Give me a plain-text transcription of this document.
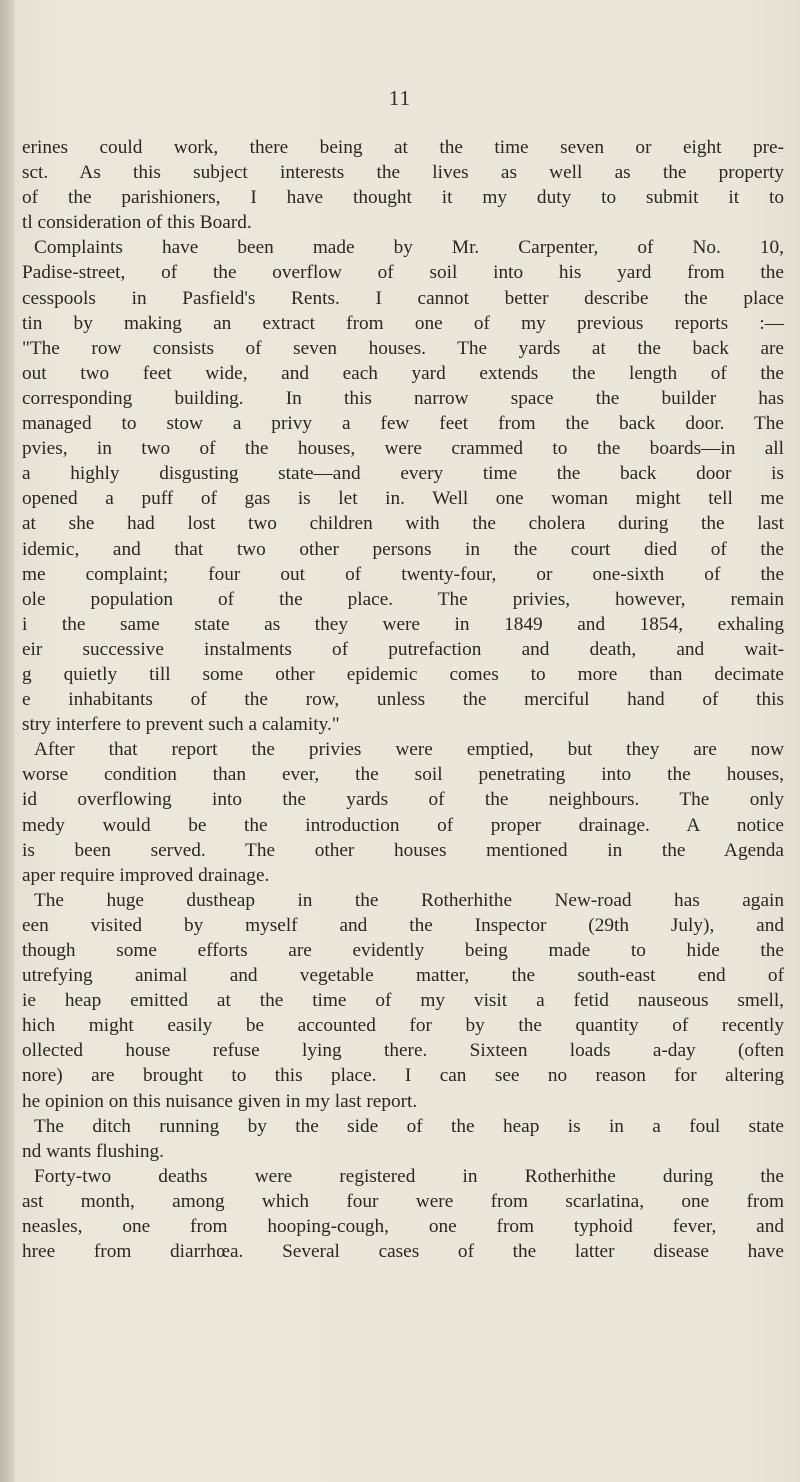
11
erines could work, there being at the time seven or eight pre-
sct. As this subject interests the lives as well as the property
of the parishioners, I have thought it my duty to submit it to
tl consideration of this Board.
Complaints have been made by Mr. Carpenter, of No. 10,
Padise-street, of the overflow of soil into his yard from the
cesspools in Pasfield's Rents. I cannot better describe the place
tin by making an extract from one of my previous reports :—
"The row consists of seven houses. The yards at the back are
out two feet wide, and each yard extends the length of the
corresponding building. In this narrow space the builder has
managed to stow a privy a few feet from the back door. The
pvies, in two of the houses, were crammed to the boards—in all
a highly disgusting state—and every time the back door is
opened a puff of gas is let in. Well one woman might tell me
at she had lost two children with the cholera during the last
idemic, and that two other persons in the court died of the
me complaint; four out of twenty-four, or one-sixth of the
ole population of the place. The privies, however, remain
i the same state as they were in 1849 and 1854, exhaling
eir successive instalments of putrefaction and death, and wait-
g quietly till some other epidemic comes to more than decimate
e inhabitants of the row, unless the merciful hand of this
stry interfere to prevent such a calamity."
After that report the privies were emptied, but they are now
worse condition than ever, the soil penetrating into the houses,
id overflowing into the yards of the neighbours. The only
medy would be the introduction of proper drainage. A notice
is been served. The other houses mentioned in the Agenda
aper require improved drainage.
The huge dustheap in the Rotherhithe New-road has again
een visited by myself and the Inspector (29th July), and
though some efforts are evidently being made to hide the
utrefying animal and vegetable matter, the south-east end of
ie heap emitted at the time of my visit a fetid nauseous smell,
hich might easily be accounted for by the quantity of recently
ollected house refuse lying there. Sixteen loads a-day (often
nore) are brought to this place. I can see no reason for altering
he opinion on this nuisance given in my last report.
The ditch running by the side of the heap is in a foul state
nd wants flushing.
Forty-two deaths were registered in Rotherhithe during the
ast month, among which four were from scarlatina, one from
neasles, one from hooping-cough, one from typhoid fever, and
hree from diarrhœa. Several cases of the latter disease have
